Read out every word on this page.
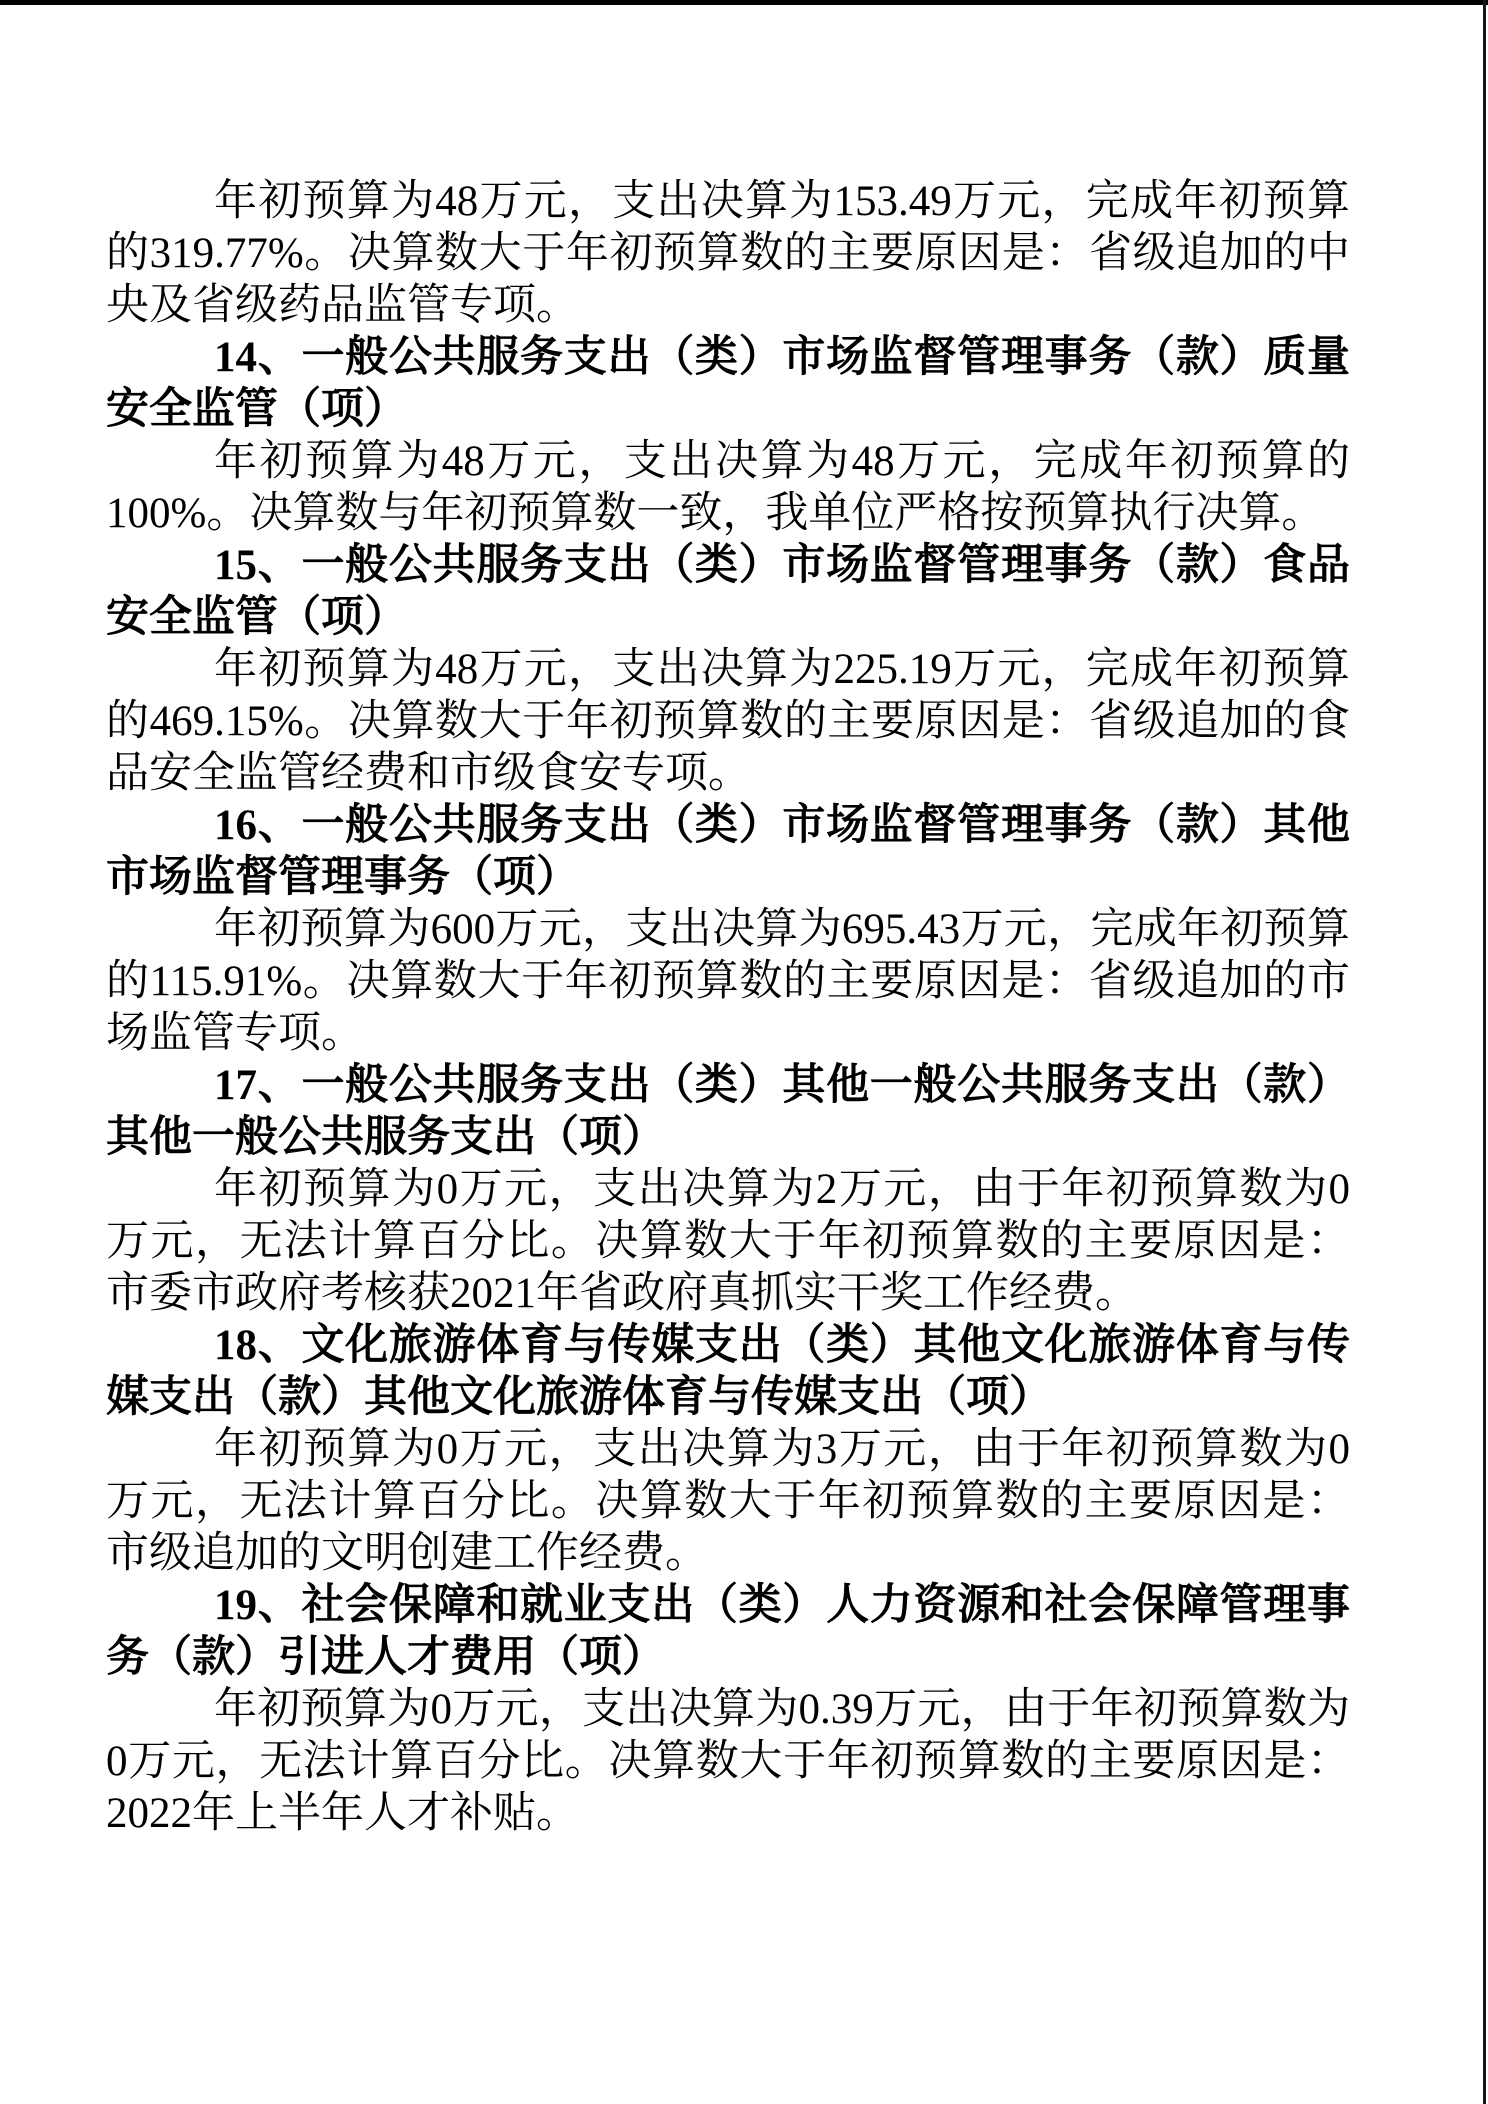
年初预算为48万元，支出决算为153.49万元，完成年初预算的319.77%。决算数大于年初预算数的主要原因是：省级追加的中央及省级药品监管专项。

14、一般公共服务支出（类）市场监督管理事务（款）质量安全监管（项）

年初预算为48万元，支出决算为48万元，完成年初预算的100%。决算数与年初预算数一致，我单位严格按预算执行决算。

15、一般公共服务支出（类）市场监督管理事务（款）食品安全监管（项）

年初预算为48万元，支出决算为225.19万元，完成年初预算的469.15%。决算数大于年初预算数的主要原因是：省级追加的食品安全监管经费和市级食安专项。

16、一般公共服务支出（类）市场监督管理事务（款）其他市场监督管理事务（项）

年初预算为600万元，支出决算为695.43万元，完成年初预算的115.91%。决算数大于年初预算数的主要原因是：省级追加的市场监管专项。

17、一般公共服务支出（类）其他一般公共服务支出（款）其他一般公共服务支出（项）

年初预算为0万元，支出决算为2万元，由于年初预算数为0万元，无法计算百分比。决算数大于年初预算数的主要原因是：市委市政府考核获2021年省政府真抓实干奖工作经费。

18、文化旅游体育与传媒支出（类）其他文化旅游体育与传媒支出（款）其他文化旅游体育与传媒支出（项）

年初预算为0万元，支出决算为3万元，由于年初预算数为0万元，无法计算百分比。决算数大于年初预算数的主要原因是：市级追加的文明创建工作经费。

19、社会保障和就业支出（类）人力资源和社会保障管理事务（款）引进人才费用（项）

年初预算为0万元，支出决算为0.39万元，由于年初预算数为0万元，无法计算百分比。决算数大于年初预算数的主要原因是：2022年上半年人才补贴。
